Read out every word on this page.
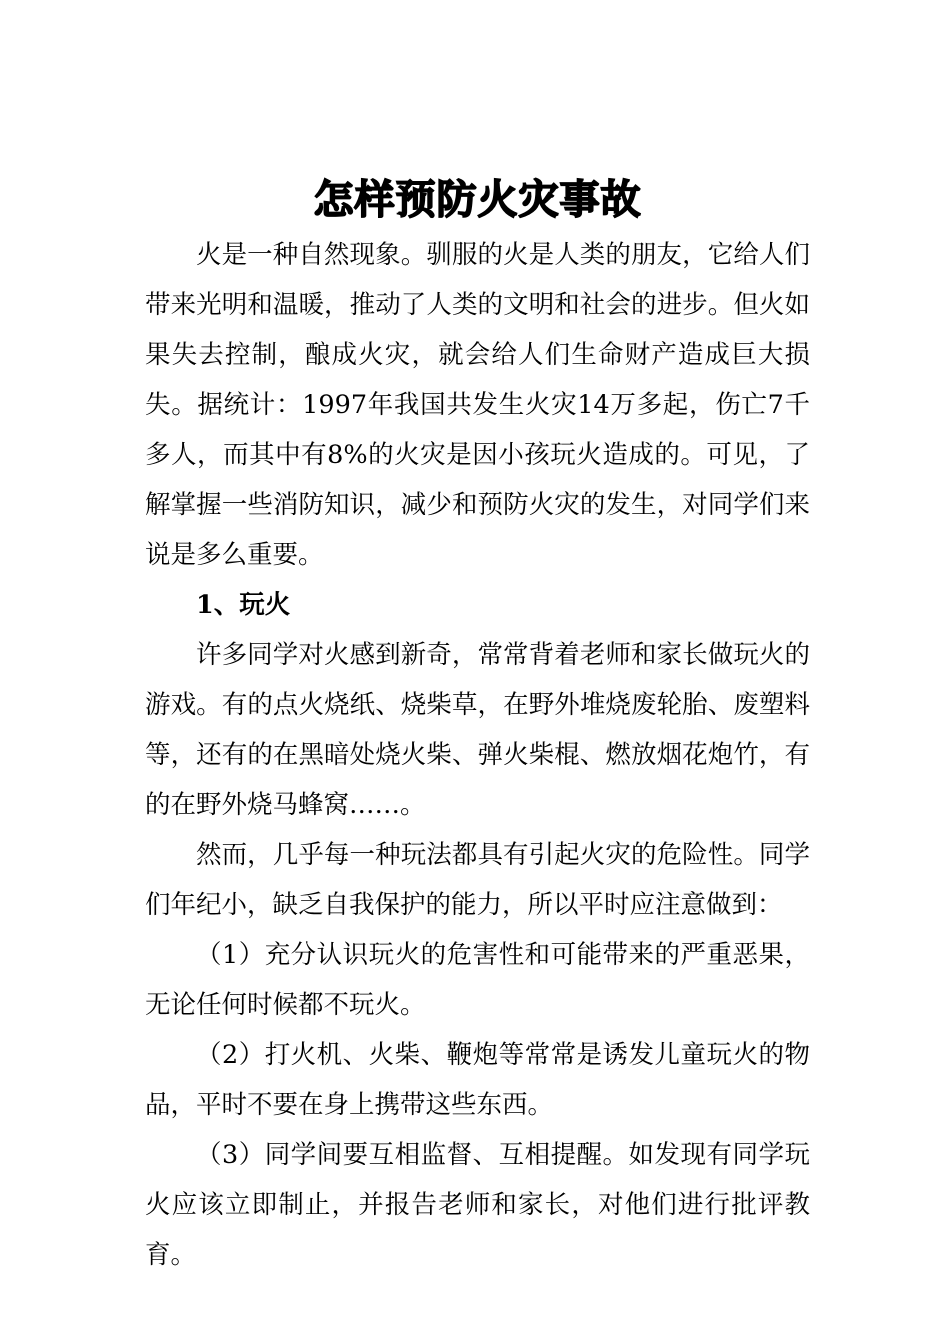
怎样预防火灾事故

火是一种自然现象。驯服的火是人类的朋友，它给人们带来光明和温暖，推动了人类的文明和社会的进步。但火如果失去控制，酿成火灾，就会给人们生命财产造成巨大损失。据统计：1997年我国共发生火灾14万多起，伤亡7千多人，而其中有8%的火灾是因小孩玩火造成的。可见，了解掌握一些消防知识，减少和预防火灾的发生，对同学们来说是多么重要。

1、玩火

许多同学对火感到新奇，常常背着老师和家长做玩火的游戏。有的点火烧纸、烧柴草，在野外堆烧废轮胎、废塑料等，还有的在黑暗处烧火柴、弹火柴棍、燃放烟花炮竹，有的在野外烧马蜂窝……。

然而，几乎每一种玩法都具有引起火灾的危险性。同学们年纪小，缺乏自我保护的能力，所以平时应注意做到：

（1）充分认识玩火的危害性和可能带来的严重恶果，无论任何时候都不玩火。

（2）打火机、火柴、鞭炮等常常是诱发儿童玩火的物品，平时不要在身上携带这些东西。

（3）同学间要互相监督、互相提醒。如发现有同学玩火应该立即制止，并报告老师和家长，对他们进行批评教育。
